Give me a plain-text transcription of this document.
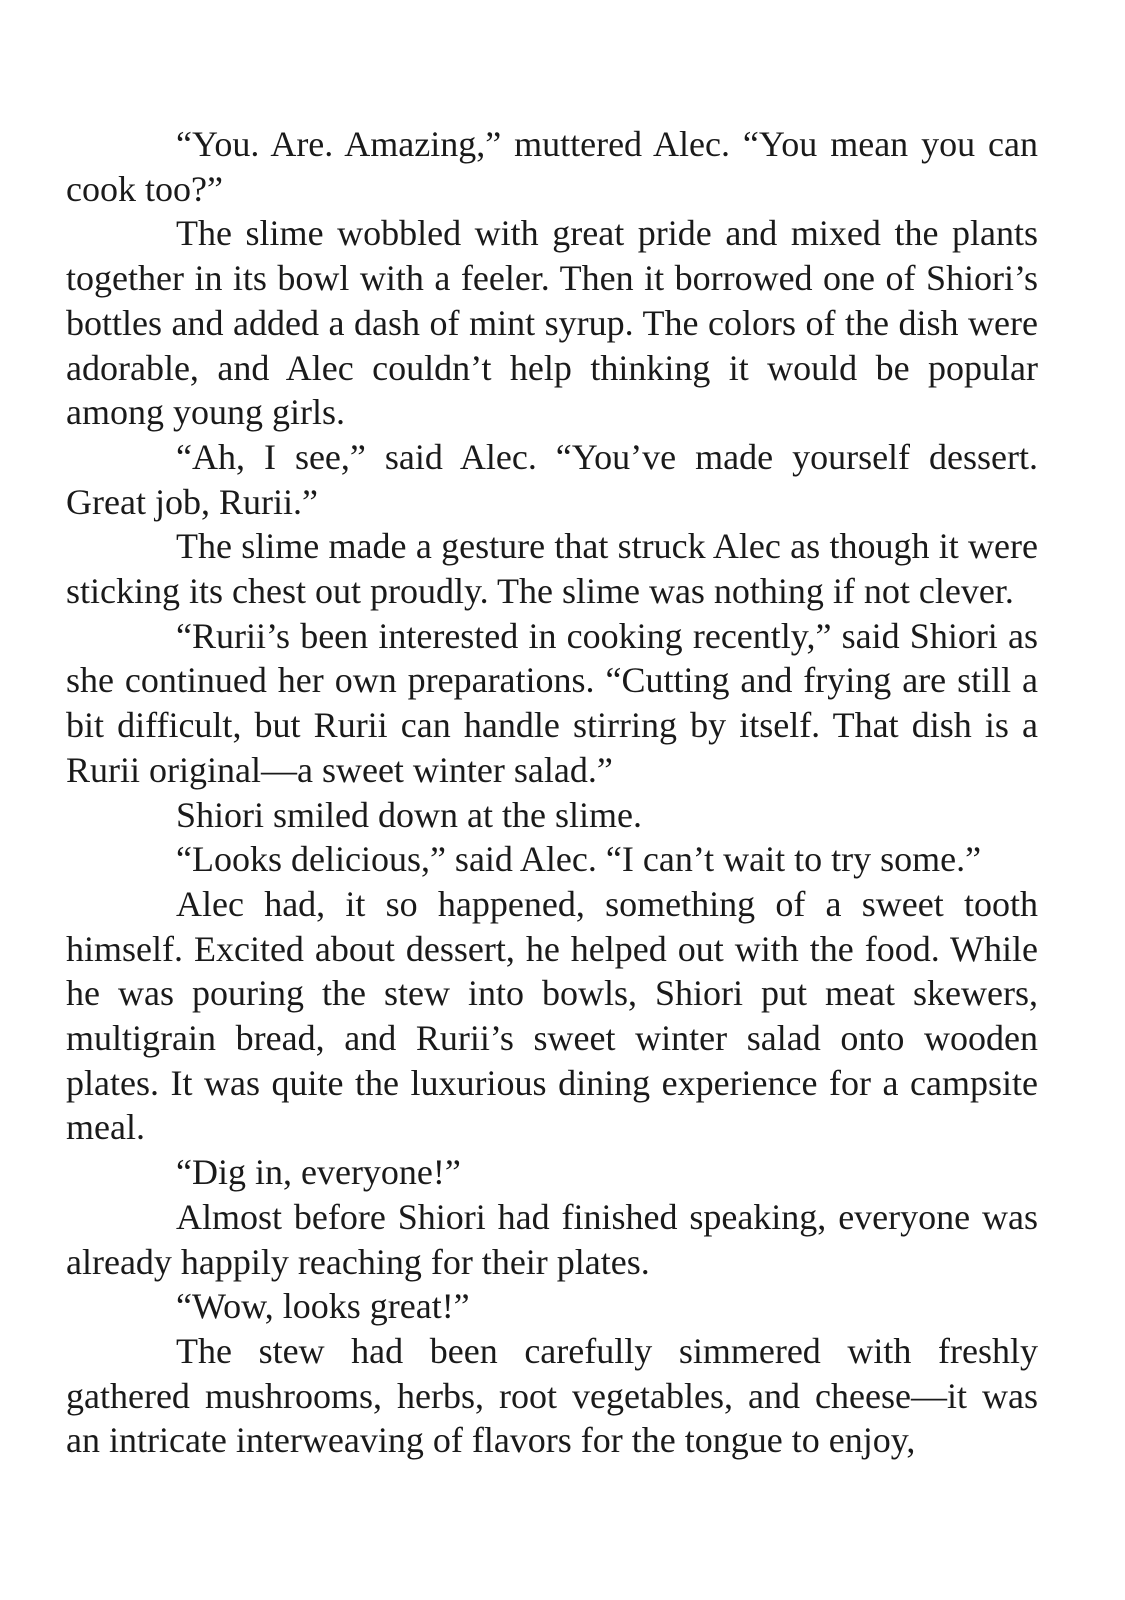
“You. Are. Amazing,” muttered Alec. “You mean you can cook too?”

The slime wobbled with great pride and mixed the plants together in its bowl with a feeler. Then it borrowed one of Shiori’s bottles and added a dash of mint syrup. The colors of the dish were adorable, and Alec couldn’t help thinking it would be popular among young girls.

“Ah, I see,” said Alec. “You’ve made yourself dessert. Great job, Rurii.”

The slime made a gesture that struck Alec as though it were sticking its chest out proudly. The slime was nothing if not clever.

“Rurii’s been interested in cooking recently,” said Shiori as she continued her own preparations. “Cutting and frying are still a bit difficult, but Rurii can handle stirring by itself. That dish is a Rurii original—a sweet winter salad.”

Shiori smiled down at the slime.

“Looks delicious,” said Alec. “I can’t wait to try some.”

Alec had, it so happened, something of a sweet tooth himself. Excited about dessert, he helped out with the food. While he was pouring the stew into bowls, Shiori put meat skewers, multigrain bread, and Rurii’s sweet winter salad onto wooden plates. It was quite the luxurious dining experience for a campsite meal.

“Dig in, everyone!”

Almost before Shiori had finished speaking, everyone was already happily reaching for their plates.

“Wow, looks great!”

The stew had been carefully simmered with freshly gathered mushrooms, herbs, root vegetables, and cheese—it was an intricate interweaving of flavors for the tongue to enjoy,
